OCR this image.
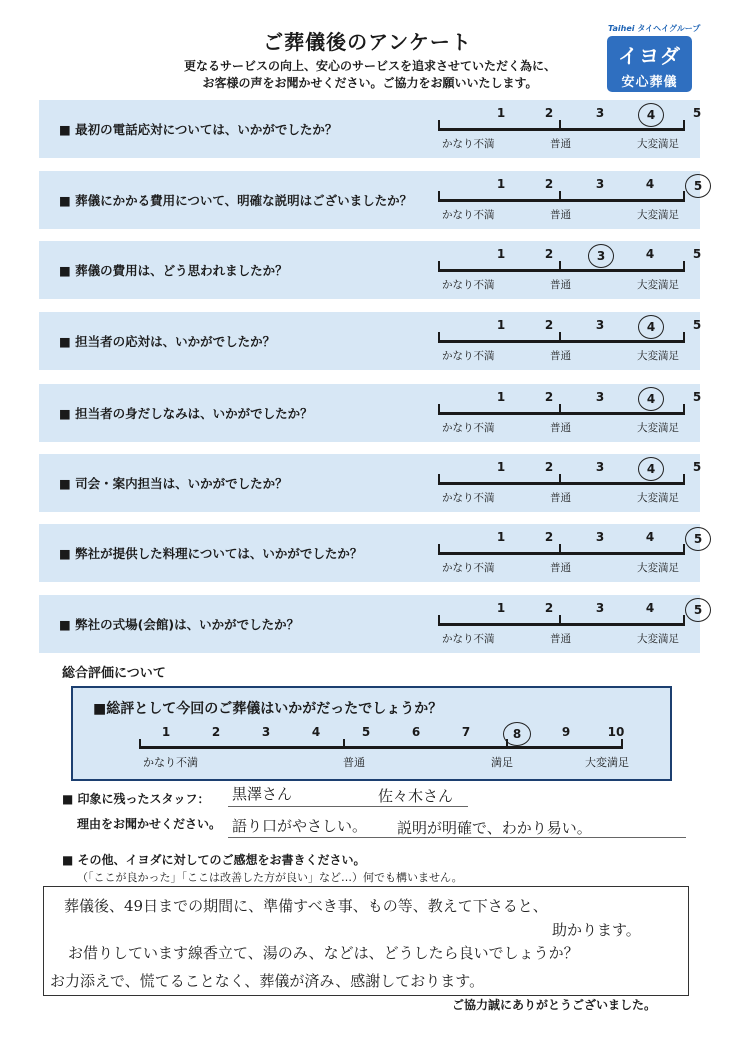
ご葬儀後のアンケート
更なるサービスの向上、安心のサービスを追求させていただく為に、
お客様の声をお聞かせください。ご協力をお願いいたします。
Taihei タイヘイグループ
イヨダ
安心葬儀
■ 最初の電話応対については、いかがでしたか？
1	2	3	4	5
かなり不満	普通	大変満足
■ 葬儀にかかる費用について、明確な説明はございましたか？
1	2	3	4	5
かなり不満	普通	大変満足
■ 葬儀の費用は、どう思われましたか？
1	2	3	4	5
かなり不満	普通	大変満足
■ 担当者の応対は、いかがでしたか？
1	2	3	4	5
かなり不満	普通	大変満足
■ 担当者の身だしなみは、いかがでしたか？
1	2	3	4	5
かなり不満	普通	大変満足
■ 司会・案内担当は、いかがでしたか？
1	2	3	4	5
かなり不満	普通	大変満足
■ 弊社が提供した料理については、いかがでしたか？
1	2	3	4	5
かなり不満	普通	大変満足
■ 弊社の式場(会館)は、いかがでしたか？
1	2	3	4	5
かなり不満	普通	大変満足
総合評価について
■総評として今回のご葬儀はいかがだったでしょうか？
1	2	3	4	5	6	7	8	9	10
かなり不満	普通	満足	大変満足
■ 印象に残ったスタッフ： 黒澤さん	佐々木さん
理由をお聞かせください。 語り口がやさしい。 説明が明確で、わかり易い。
■ その他、イヨダに対してのご感想をお書きください。
（「ここが良かった」「ここは改善した方が良い」など…）何でも構いません。
葬儀後、49日までの期間に、準備すべき事、もの等、教えて下さると、
助かります。
お借りしています線香立て、湯のみ、などは、どうしたら良いでしょうか？
お力添えで、慌てることなく、葬儀が済み、感謝しております。
ご協力誠にありがとうございました。
